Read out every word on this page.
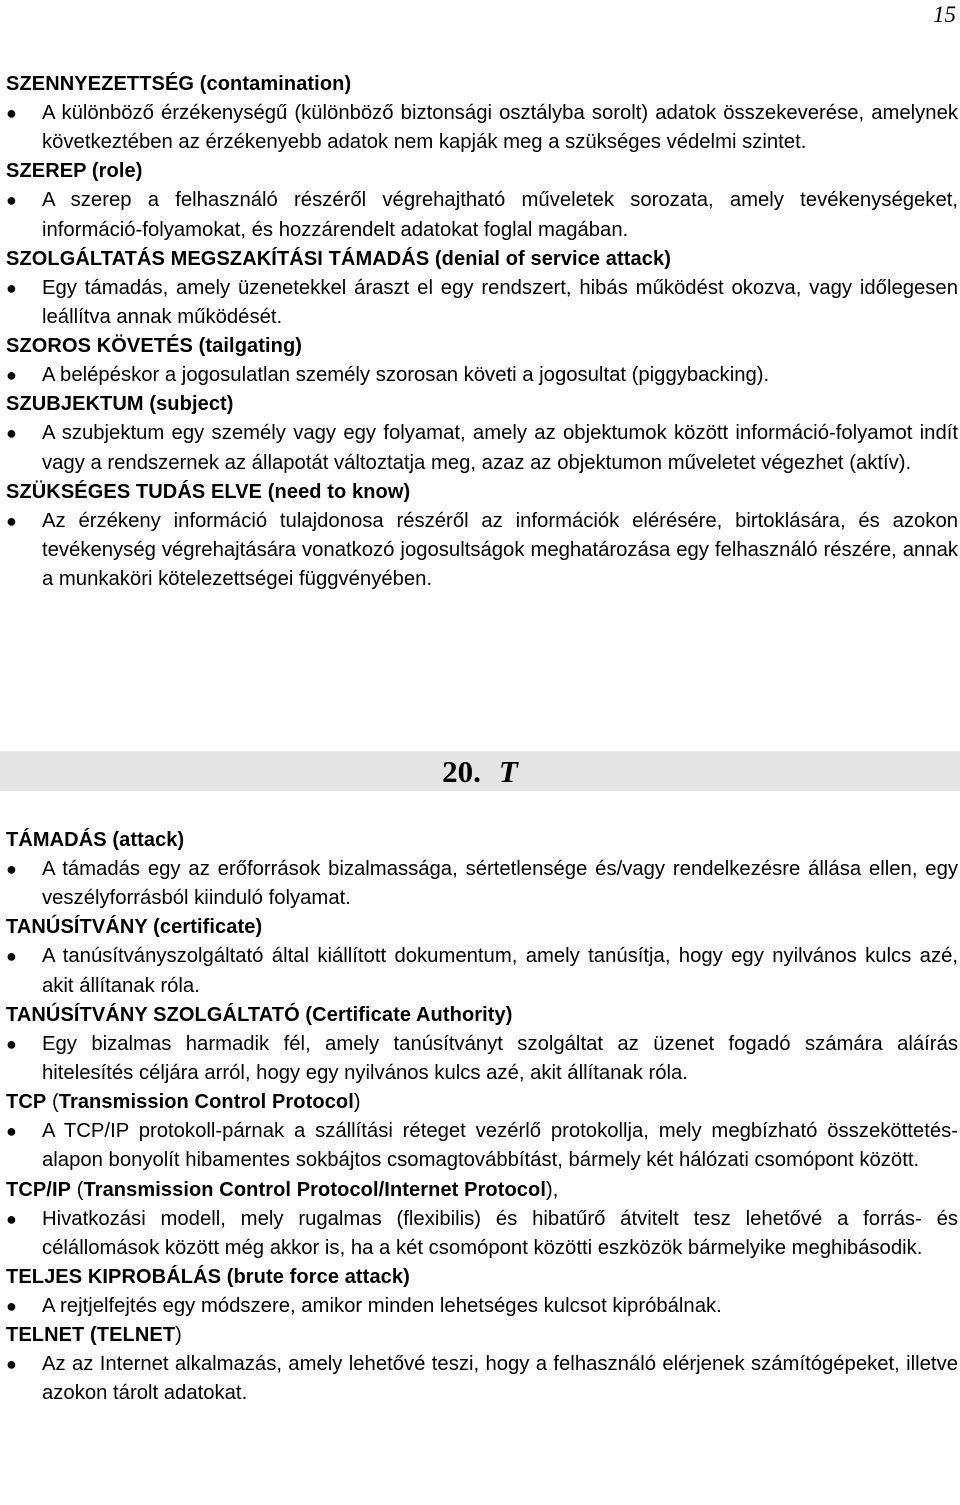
15
SZENNYEZETTSÉG (contamination)
● A különböző érzékenységű (különböző biztonsági osztályba sorolt) adatok összekeverése, amelynek következtében az érzékenyebb adatok nem kapják meg a szükséges védelmi szintet.
SZEREP (role)
● A szerep a felhasználó részéről végrehajtható műveletek sorozata, amely tevékenységeket, információ-folyamokat, és hozzárendelt adatokat foglal magában.
SZOLGÁLTATÁS MEGSZAKÍTÁSI TÁMADÁS (denial of service attack)
● Egy támadás, amely üzenetekkel áraszt el egy rendszert, hibás működést okozva, vagy időlegesen leállítva annak működését.
SZOROS KÖVETÉS (tailgating)
● A belépéskor a jogosulatlan személy szorosan követi a jogosultat (piggybacking).
SZUBJEKTUM (subject)
● A szubjektum egy személy vagy egy folyamat, amely az objektumok között információ-folyamot indít vagy a rendszernek az állapotát változtatja meg, azaz az objektumon műveletet végezhet (aktív).
SZÜKSÉGES TUDÁS ELVE (need to know)
● Az érzékeny információ tulajdonosa részéről az információk elérésére, birtoklására, és azokon tevékenység végrehajtására vonatkozó jogosultságok meghatározása egy felhasználó részére, annak a munkaköri kötelezettségei függvényében.
20. T
TÁMADÁS (attack)
● A támadás egy az erőforrások bizalmassága, sértetlensége és/vagy rendelkezésre állása ellen, egy veszélyforrásból kiinduló folyamat.
TANÚSÍTVÁNY (certificate)
● A tanúsítványszolgáltató által kiállított dokumentum, amely tanúsítja, hogy egy nyilvános kulcs azé, akit állítanak róla.
TANÚSÍTVÁNY SZOLGÁLTATÓ (Certificate Authority)
● Egy bizalmas harmadik fél, amely tanúsítványt szolgáltat az üzenet fogadó számára aláírás hitelesítés céljára arról, hogy egy nyilvános kulcs azé, akit állítanak róla.
TCP (Transmission Control Protocol)
● A TCP/IP protokoll-párnak a szállítási réteget vezérlő protokollja, mely megbízható összeköttetés-alapon bonyolít hibamentes sokbájtos csomagtovábbítást, bármely két hálózati csomópont között.
TCP/IP (Transmission Control Protocol/Internet Protocol),
● Hivatkozási modell, mely rugalmas (flexibilis) és hibatűrő átvitelt tesz lehetővé a forrás- és célállomások között még akkor is, ha a két csomópont közötti eszközök bármelyike meghibásodik.
TELJES KIPROBÁLÁS (brute force attack)
● A rejtjelfejtés egy módszere, amikor minden lehetséges kulcsot kipróbálnak.
TELNET (TELNET)
● Az az Internet alkalmazás, amely lehetővé teszi, hogy a felhasználó elérjenek számítógépeket, illetve azokon tárolt adatokat.
